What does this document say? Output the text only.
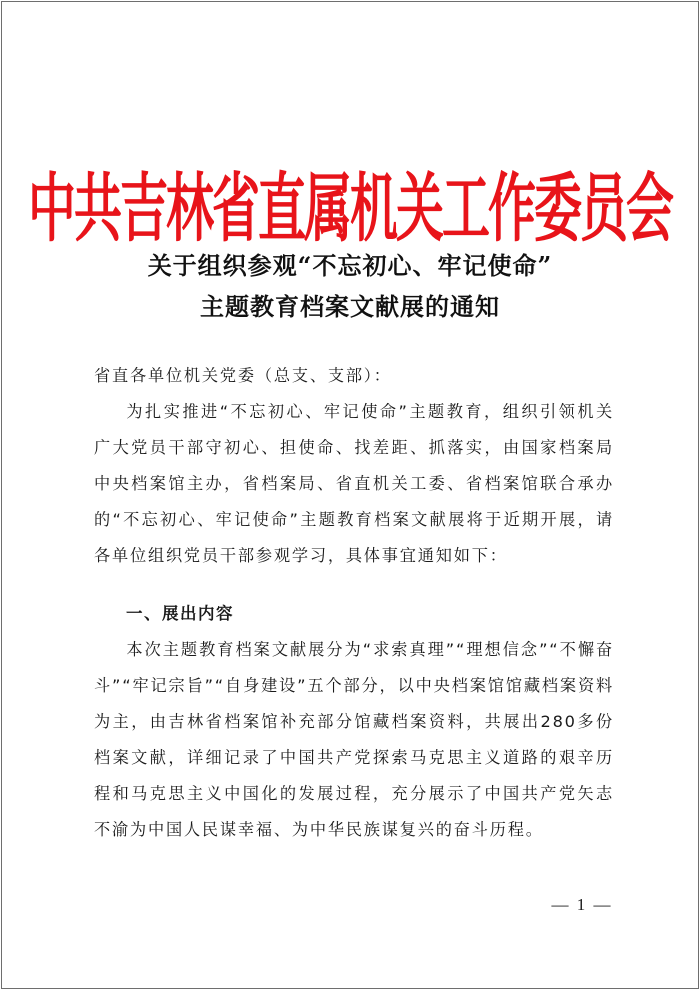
中共吉林省直属机关工作委员会
关于组织参观“不忘初心、牢记使命”
主题教育档案文献展的通知
省直各单位机关党委（总支、支部）：

为扎实推进“不忘初心、牢记使命”主题教育，组织引领机关广大党员干部守初心、担使命、找差距、抓落实，由国家档案局中央档案馆主办，省档案局、省直机关工委、省档案馆联合承办的“不忘初心、牢记使命”主题教育档案文献展将于近期开展，请各单位组织党员干部参观学习，具体事宜通知如下：

一、展出内容

本次主题教育档案文献展分为“求索真理”“理想信念”“不懈奋斗”“牢记宗旨”“自身建设”五个部分，以中央档案馆馆藏档案资料为主，由吉林省档案馆补充部分馆藏档案资料，共展出280多份档案文献，详细记录了中国共产党探索马克思主义道路的艰辛历程和马克思主义中国化的发展过程，充分展示了中国共产党矢志不渝为中国人民谋幸福、为中华民族谋复兴的奋斗历程。

— 1 —
